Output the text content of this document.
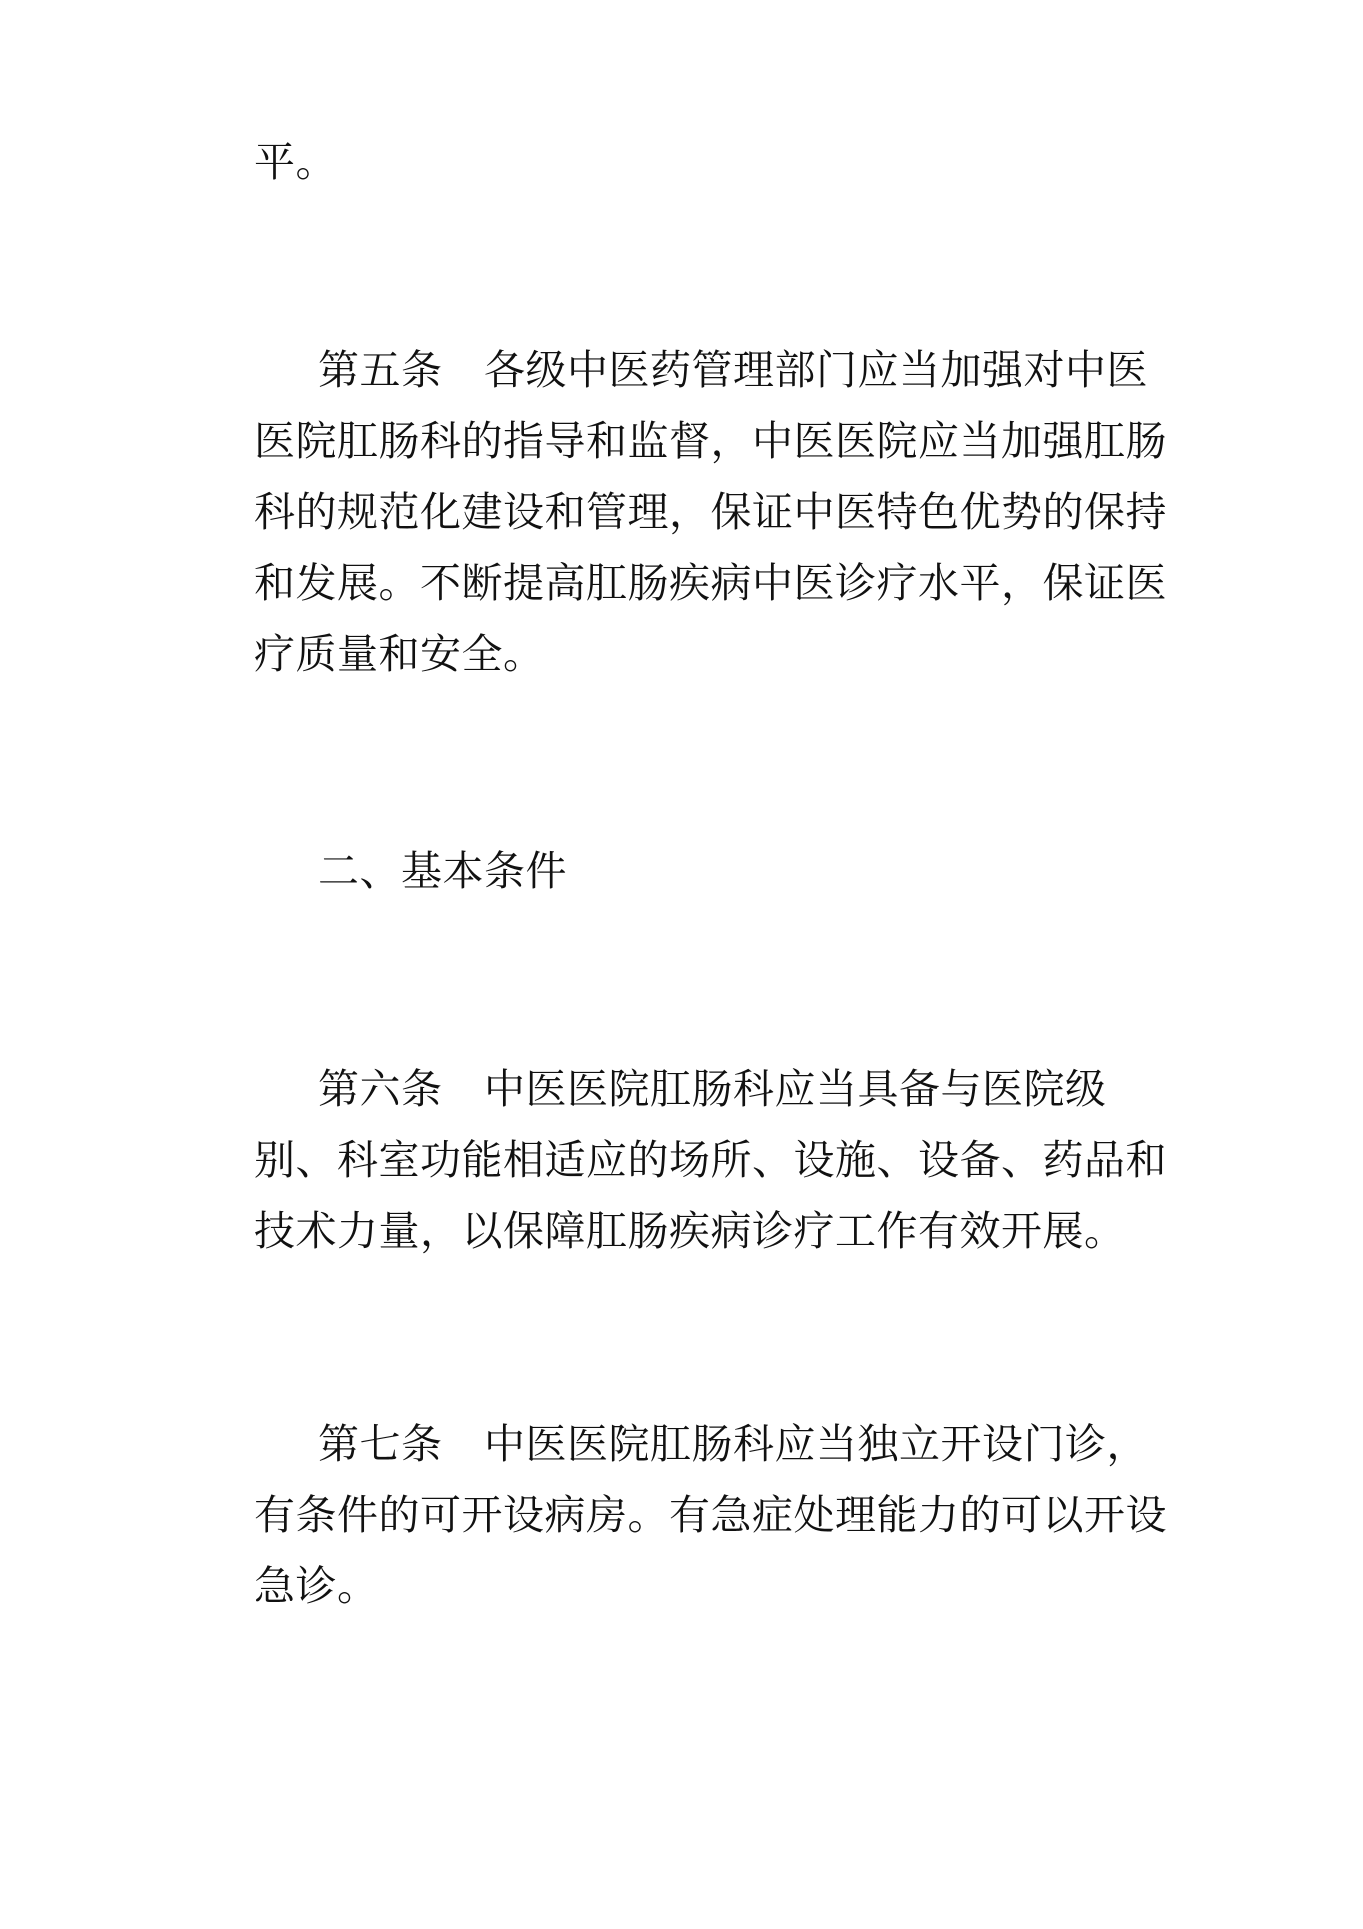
平。
第五条　各级中医药管理部门应当加强对中医
医院肛肠科的指导和监督，中医医院应当加强肛肠
科的规范化建设和管理，保证中医特色优势的保持
和发展。不断提高肛肠疾病中医诊疗水平，保证医
疗质量和安全。
二、基本条件
第六条　中医医院肛肠科应当具备与医院级
别、科室功能相适应的场所、设施、设备、药品和
技术力量，以保障肛肠疾病诊疗工作有效开展。
第七条　中医医院肛肠科应当独立开设门诊，
有条件的可开设病房。有急症处理能力的可以开设
急诊。
